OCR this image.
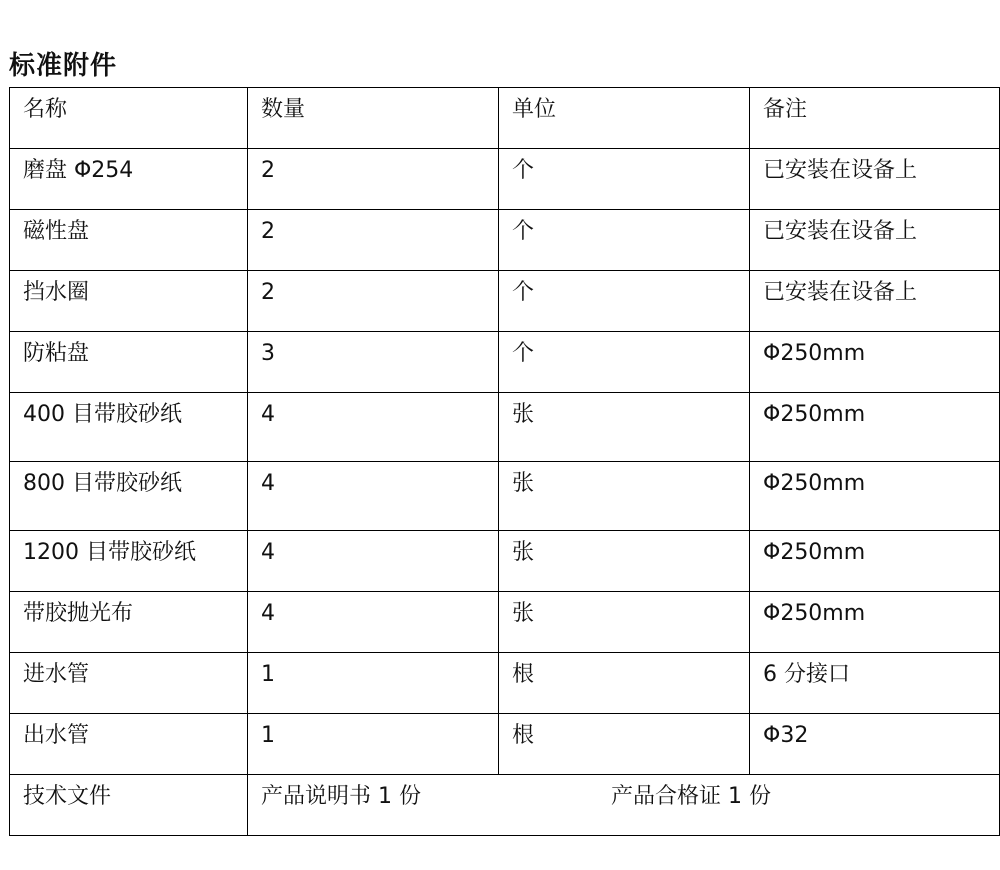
标准附件
名称	数量	单位	备注
磨盘 Φ254	2	个	已安装在设备上
磁性盘	2	个	已安装在设备上
挡水圈	2	个	已安装在设备上
防粘盘	3	个	Φ250mm
400 目带胶砂纸	4	张	Φ250mm
800 目带胶砂纸	4	张	Φ250mm
1200 目带胶砂纸	4	张	Φ250mm
带胶抛光布	4	张	Φ250mm
进水管	1	根	6 分接口
出水管	1	根	Φ32
技术文件	产品说明书 1 份 产品合格证 1 份		
